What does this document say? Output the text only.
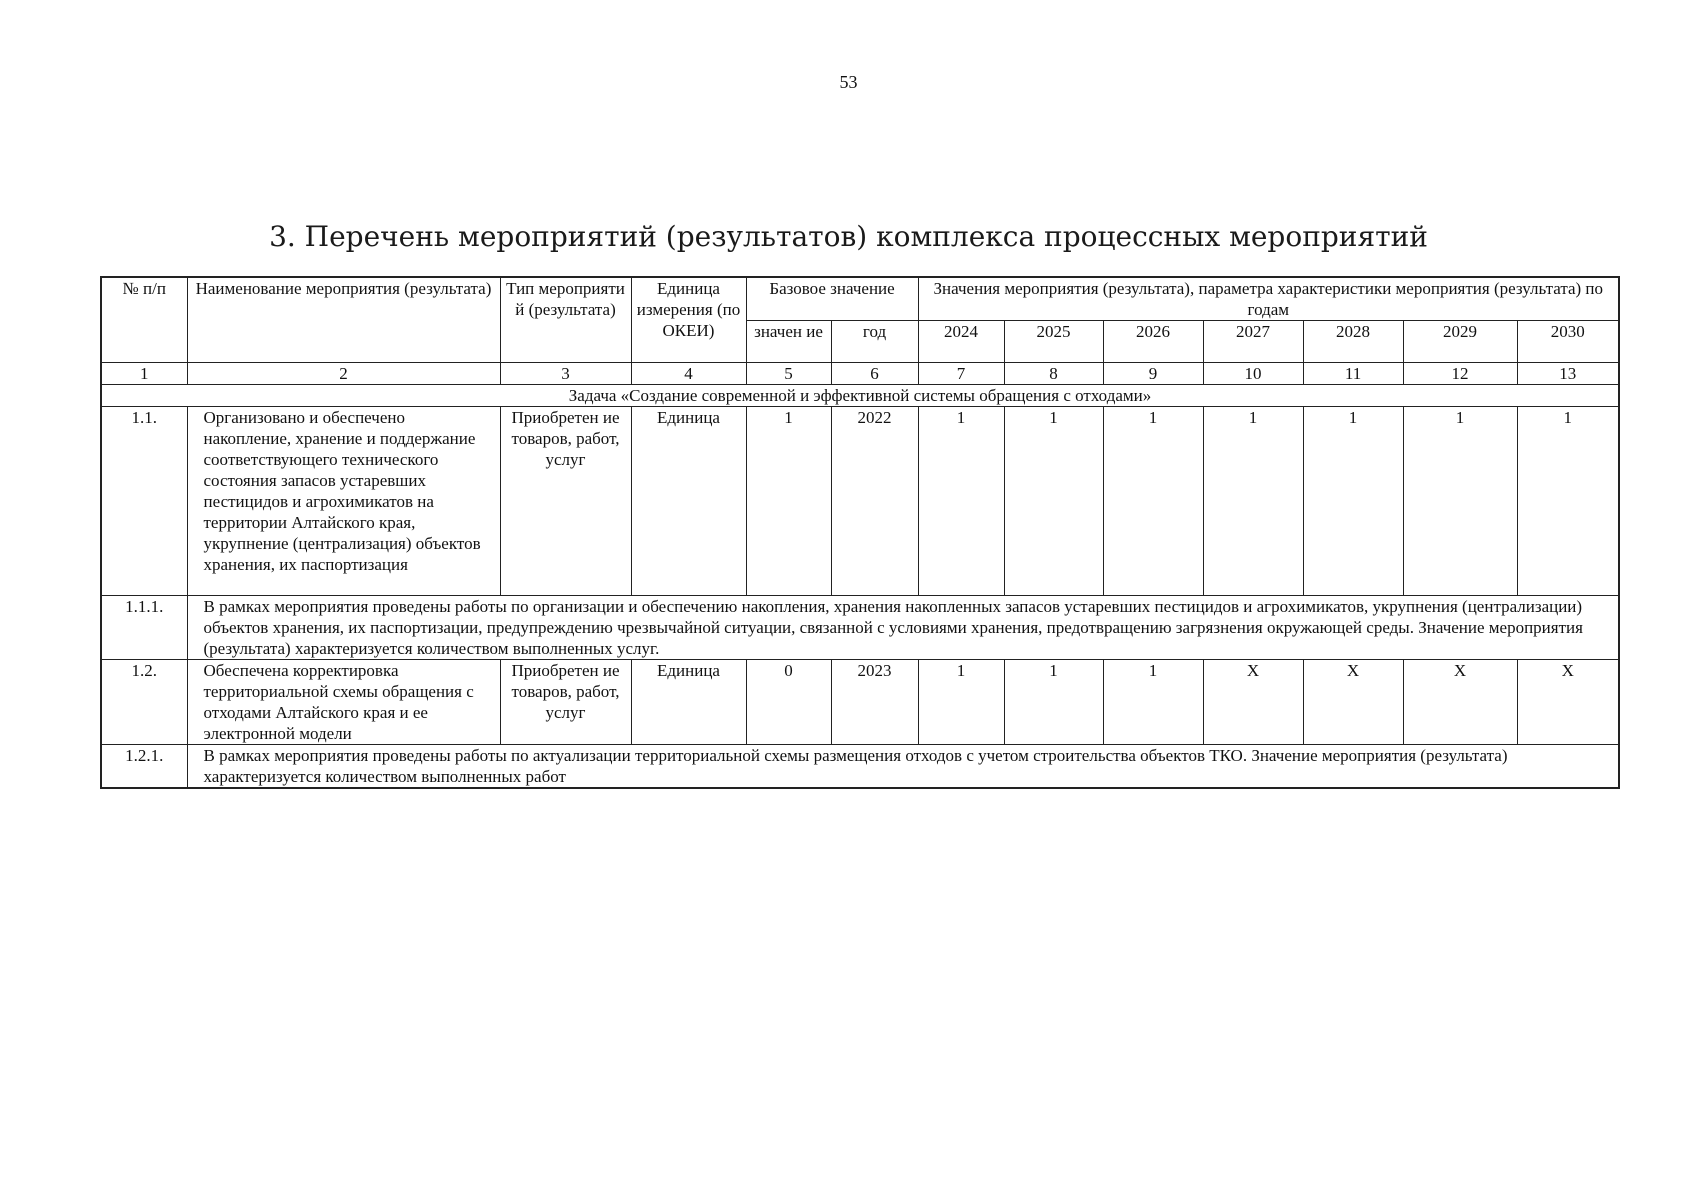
53
3. Перечень мероприятий (результатов) комплекса процессных мероприятий
№ п/п	Наименование мероприятия (результата)	Тип мероприяти й (результата)	Единица измерения (по ОКЕИ)	Базовое значение		Значения мероприятия (результата), параметра характеристики мероприятия (результата) по годам						
				значен ие	год	2024	2025	2026	2027	2028	2029	2030
1	2	3	4	5	6	7	8	9	10	11	12	13
Задача «Создание современной и эффективной системы обращения с отходами»												
1.1.	Организовано и обеспечено накопление, хранение и поддержание соответствующего технического состояния запасов устаревших пестицидов и агрохимикатов на территории Алтайского края, укрупнение (централизация) объектов хранения, их паспортизация	Приобретен ие товаров, работ, услуг	Единица	1	2022	1	1	1	1	1	1	1
1.1.1.	В рамках мероприятия проведены работы по организации и обеспечению накопления, хранения накопленных запасов устаревших пестицидов и агрохимикатов, укрупнения (централизации) объектов хранения, их паспортизации, предупреждению чрезвычайной ситуации, связанной с условиями хранения, предотвращению загрязнения окружающей среды. Значение мероприятия (результата) характеризуется количеством выполненных услуг.											
1.2.	Обеспечена корректировка территориальной схемы обращения с отходами Алтайского края и ее электронной модели	Приобретен ие товаров, работ, услуг	Единица	0	2023	1	1	1	X	X	X	X
1.2.1.	В рамках мероприятия проведены работы по актуализации территориальной схемы размещения отходов с учетом строительства объектов ТКО. Значение мероприятия (результата) характеризуется количеством выполненных работ											
